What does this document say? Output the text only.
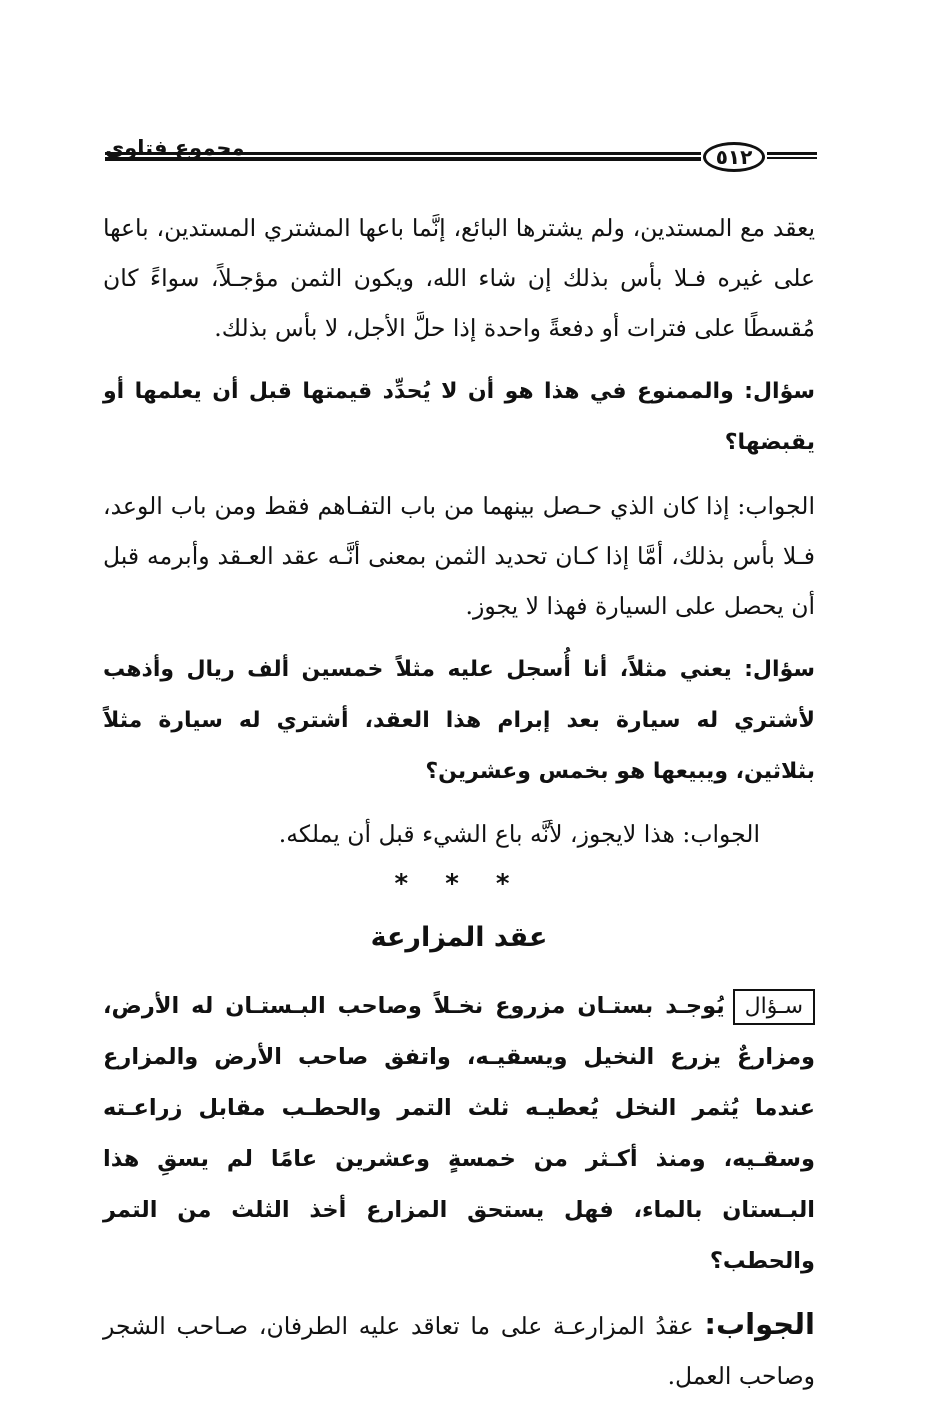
مجموع فتاوى	٥١٢

يعقد مع المستدين، ولم يشترها البائع، إنَّما باعها المشتري المستدين، باعها على غيره فـلا بأس بذلك إن شاء الله، ويكون الثمن مؤجـلاً، سواءً كان مُقسطًا على فترات أو دفعةً واحدة إذا حلَّ الأجل، لا بأس بذلك.

سؤال: والممنوع في هذا هو أن لا يُحدِّد قيمتها قبل أن يعلمها أو يقبضها؟

الجواب: إذا كان الذي حـصل بينهما من باب التفـاهم فقط ومن باب الوعد، فـلا بأس بذلك، أمَّا إذا كـان تحديد الثمن بمعنى أنَّـه عقد العـقد وأبرمه قبل أن يحصل على السيارة فهذا لا يجوز.

سؤال: يعني مثلاً، أنا أُسجل عليه مثلاً خمسين ألف ريال وأذهب لأشتري له سيارة بعد إبرام هذا العقد، أشتري له سيارة مثلاً بثلاثين، ويبيعها هو بخمس وعشرين؟

الجواب: هذا لايجوز، لأنَّه باع الشيء قبل أن يملكه.

* * *
عقد المزارعة

سـؤاليُوجـد بستـان مزروع نخـلاً وصاحب البـستـان له الأرض، ومزارعٌ يزرع النخيل ويسقيـه، واتفق صاحب الأرض والمزارع عندما يُثمر النخل يُعطيـه ثلث التمر والحطـب مقابل زراعـته وسقـيه، ومنذ أكـثر من خمسةٍ وعشرين عامًا لم يسقِ هذا البـستان بالماء، فهل يستحق المزارع أخذ الثلث من التمر والحطب؟

الجواب: عقدُ المزارعـة على ما تعاقد عليه الطرفان، صـاحب الشجر وصاحب العمل.
